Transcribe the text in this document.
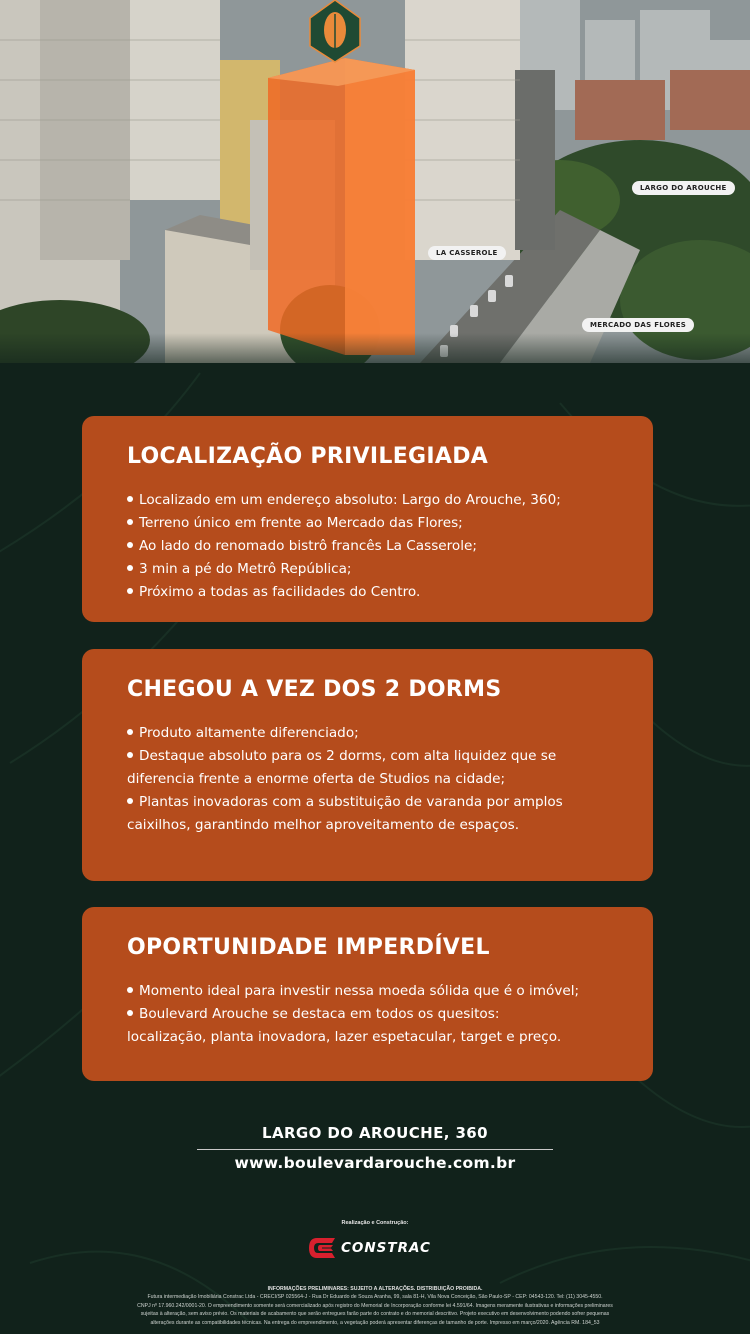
LARGO DO AROUCHE
LA CASSEROLE
MERCADO DAS FLORES
LOCALIZAÇÃO PRIVILEGIADA
Localizado em um endereço absoluto: Largo do Arouche, 360;
Terreno único em frente ao Mercado das Flores;
Ao lado do renomado bistrô francês La Casserole;
3 min a pé do Metrô República;
Próximo a todas as facilidades do Centro.
CHEGOU A VEZ DOS 2 DORMS
Produto altamente diferenciado;
Destaque absoluto para os 2 dorms, com alta liquidez que se
diferencia frente a enorme oferta de Studios na cidade;
Plantas inovadoras com a substituição de varanda por amplos
caixilhos, garantindo melhor aproveitamento de espaços.
OPORTUNIDADE IMPERDÍVEL
Momento ideal para investir nessa moeda sólida que é o imóvel;
Boulevard Arouche se destaca em todos os quesitos:
localização, planta inovadora, lazer espetacular, target e preço.
LARGO DO AROUCHE, 360
www.boulevardarouche.com.br
Realização e Construção:
CONSTRAC
INFORMAÇÕES PRELIMINARES: SUJEITO A ALTERAÇÕES. DISTRIBUIÇÃO PROIBIDA.
Futura intermediação Imobiliária Constrac Ltda - CRECI/SP 025564-J - Rua Dr Eduardo de Souza Aranha, 99, sala 81-H, Vila Nova Conceição, São Paulo-SP - CEP: 04543-120. Tel: (11) 3045-4550.
CNPJ nº 17.960.242/0001-20. O empreendimento somente será comercializado após registro do Memorial de Incorporação conforme lei 4.591/64. Imagens meramente ilustrativas e informações preliminares
sujeitas à alteração, sem aviso prévio. Os materiais de acabamento que serão entregues farão parte do contrato e do memorial descritivo. Projeto executivo em desenvolvimento podendo sofrer pequenas
alterações durante as compatibilidades técnicas. Na entrega do empreendimento, a vegetação poderá apresentar diferenças de tamanho de porte. Impresso em março/2020. Agência RM. 184_53
